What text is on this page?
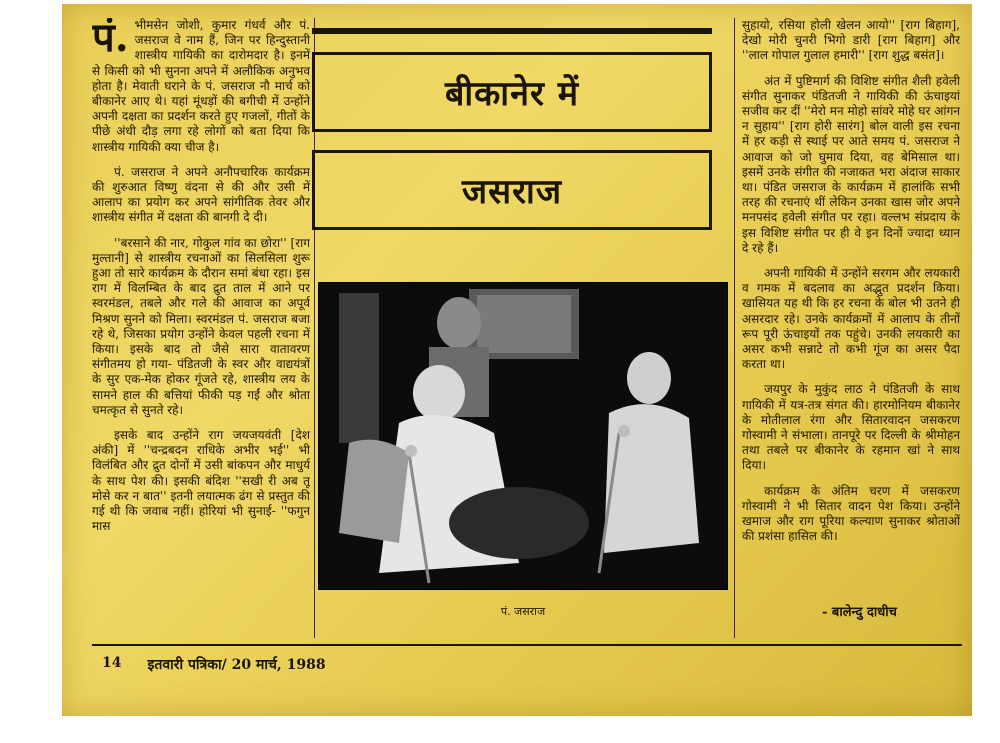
पं. भीमसेन जोशी, कुमार गंधर्व और पं. जसराज वे नाम हैं, जिन पर हिन्दुस्तानी शास्त्रीय गायिकी का दारोमदार है। इनमें से किसी को भी सुनना अपने में अलौकिक अनुभव होता है। मेवाती घराने के पं. जसराज नौ मार्च को बीकानेर आए थे। यहां मूंधड़ों की बगीची में उन्होंने अपनी दक्षता का प्रदर्शन करते हुए गजलों, गीतों के पीछे अंधी दौड़ लगा रहे लोगों को बता दिया कि शास्त्रीय गायिकी क्या चीज है।

पं. जसराज ने अपने अनौपचारिक कार्यक्रम की शुरुआत विष्णु वंदना से की और उसी में आलाप का प्रयोग कर अपने सांगीतिक तेवर और शास्त्रीय संगीत में दक्षता की बानगी दे दी।

''बरसाने की नार, गोकुल गांव का छोरा'' [राग मुल्तानी] से शास्त्रीय रचनाओं का सिलसिला शुरू हुआ तो सारे कार्यक्रम के दौरान समां बंधा रहा। इस राग में विलम्बित के बाद द्रुत ताल में आने पर स्वरमंडल, तबले और गले की आवाज का अपूर्व मिश्रण सुनने को मिला। स्वरमंडल पं. जसराज बजा रहे थे, जिसका प्रयोग उन्होंने केवल पहली रचना में किया। इसके बाद तो जैसे सारा वातावरण संगीतमय हो गया- पंडितजी के स्वर और वाद्ययंत्रों के सुर एक-मेक होकर गूंजते रहे, शास्त्रीय लय के सामने हाल की बत्तियां फीकी पड़ गईं और श्रोता चमत्कृत से सुनते रहे।

इसके बाद उन्होंने राग जयजयवंती [देश अंकी] में ''चन्द्रबदन राधिके अभीर भई'' भी विलंबित और द्रुत दोनों में उसी बांकपन और माधुर्य के साथ पेश की। इसकी बंदिश ''सखी री अब तू मोसे कर न बात'' इतनी लयात्मक ढंग से प्रस्तुत की गई थी कि जवाब नहीं। होरियां भी सुनाई- ''फगुन मास

बीकानेर में
जसराज
पं. जसराज

सुहायो, रसिया होली खेलन आयो'' [राग बिहाग], देखो मोरी चुनरी भिगो डारी [राग बिहाग] और ''लाल गोपाल गुलाल हमारी'' [राग शुद्ध बसंत]।

अंत में पुष्टिमार्ग की विशिष्ट संगीत शैली हवेली संगीत सुनाकर पंडितजी ने गायिकी की ऊंचाइयां सजीव कर दीं ''मेरो मन मोहो सांवरे मोहे घर आंगन न सुहाय'' [राग होरी सारंग] बोल वाली इस रचना में हर कड़ी से स्थाई पर आते समय पं. जसराज ने आवाज को जो घुमाव दिया, वह बेमिसाल था। इसमें उनके संगीत की नजाकत भरा अंदाज साकार था। पंडित जसराज के कार्यक्रम में हालांकि सभी तरह की रचनाएं थीं लेकिन उनका खास जोर अपने मनपसंद हवेली संगीत पर रहा। वल्लभ संप्रदाय के इस विशिष्ट संगीत पर ही वे इन दिनों ज्यादा ध्यान दे रहे हैं।

अपनी गायिकी में उन्होंने सरगम और लयकारी व गमक में बदलाव का अद्भुत प्रदर्शन किया। खासियत यह थी कि हर रचना के बोल भी उतने ही असरदार रहे। उनके कार्यक्रमों में आलाप के तीनों रूप पूरी ऊंचाइयों तक पहुंचे। उनकी लयकारी का असर कभी सन्नाटे तो कभी गूंज का असर पैदा करता था।

जयपुर के मुकुंद लाठ ने पंडितजी के साथ गायिकी में यत्र-तत्र संगत की। हारमोनियम बीकानेर के मोतीलाल रंगा और सितारवादन जसकरण गोस्वामी ने संभाला। तानपूरे पर दिल्ली के श्रीमोहन तथा तबले पर बीकानेर के रहमान खां ने साथ दिया।

कार्यक्रम के अंतिम चरण में जसकरण गोस्वामी ने भी सितार वादन पेश किया। उन्होंने खमाज और राग पूरिया कल्याण सुनाकर श्रोताओं की प्रशंसा हासिल की।

- बालेन्दु दाधीच
14 इतवारी पत्रिका/ 20 मार्च, 1988
